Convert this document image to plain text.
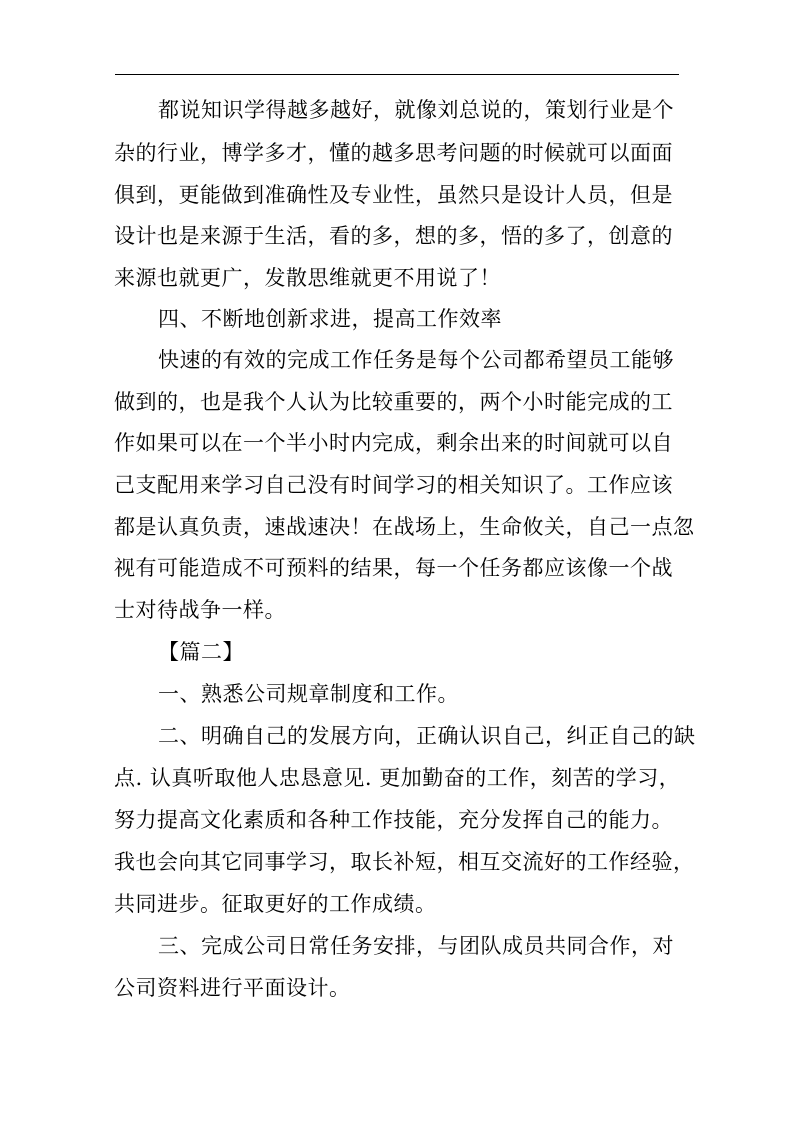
都说知识学得越多越好，就像刘总说的，策划行业是个

杂的行业，博学多才，懂的越多思考问题的时候就可以面面

俱到，更能做到准确性及专业性，虽然只是设计人员，但是

设计也是来源于生活，看的多，想的多，悟的多了，创意的

来源也就更广，发散思维就更不用说了！

四、不断地创新求进，提高工作效率

快速的有效的完成工作任务是每个公司都希望员工能够

做到的，也是我个人认为比较重要的，两个小时能完成的工

作如果可以在一个半小时内完成，剩余出来的时间就可以自

己支配用来学习自己没有时间学习的相关知识了。工作应该

都是认真负责，速战速决！在战场上，生命攸关，自己一点忽

视有可能造成不可预料的结果，每一个任务都应该像一个战

士对待战争一样。

【篇二】

一、熟悉公司规章制度和工作。

二、明确自己的发展方向，正确认识自己，纠正自己的缺

点. 认真听取他人忠恳意见. 更加勤奋的工作，刻苦的学习，

努力提高文化素质和各种工作技能，充分发挥自己的能力。

我也会向其它同事学习，取长补短，相互交流好的工作经验，

共同进步。征取更好的工作成绩。

三、完成公司日常任务安排，与团队成员共同合作，对

公司资料进行平面设计。
